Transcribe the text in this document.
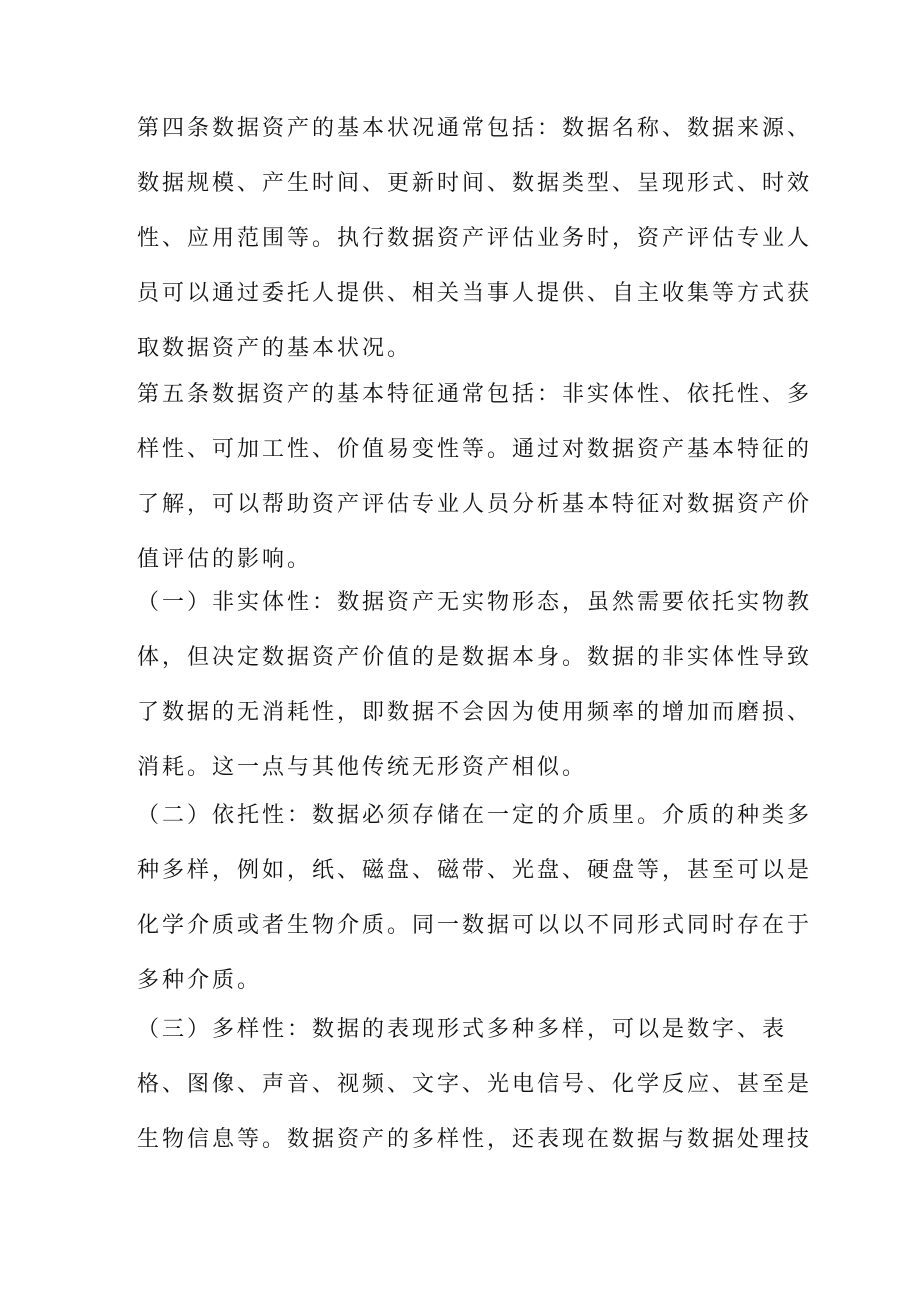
第四条数据资产的基本状况通常包括：数据名称、数据来源、
数据规模、产生时间、更新时间、数据类型、呈现形式、时效
性、应用范围等。执行数据资产评估业务时，资产评估专业人
员可以通过委托人提供、相关当事人提供、自主收集等方式获
取数据资产的基本状况。

第五条数据资产的基本特征通常包括：非实体性、依托性、多
样性、可加工性、价值易变性等。通过对数据资产基本特征的
了解，可以帮助资产评估专业人员分析基本特征对数据资产价
值评估的影响。

（一）非实体性：数据资产无实物形态，虽然需要依托实物教
体，但决定数据资产价值的是数据本身。数据的非实体性导致
了数据的无消耗性，即数据不会因为使用频率的增加而磨损、
消耗。这一点与其他传统无形资产相似。

（二）依托性：数据必须存储在一定的介质里。介质的种类多
种多样，例如，纸、磁盘、磁带、光盘、硬盘等，甚至可以是
化学介质或者生物介质。同一数据可以以不同形式同时存在于
多种介质。

（三）多样性：数据的表现形式多种多样，可以是数字、表
格、图像、声音、视频、文字、光电信号、化学反应、甚至是
生物信息等。数据资产的多样性，还表现在数据与数据处理技
